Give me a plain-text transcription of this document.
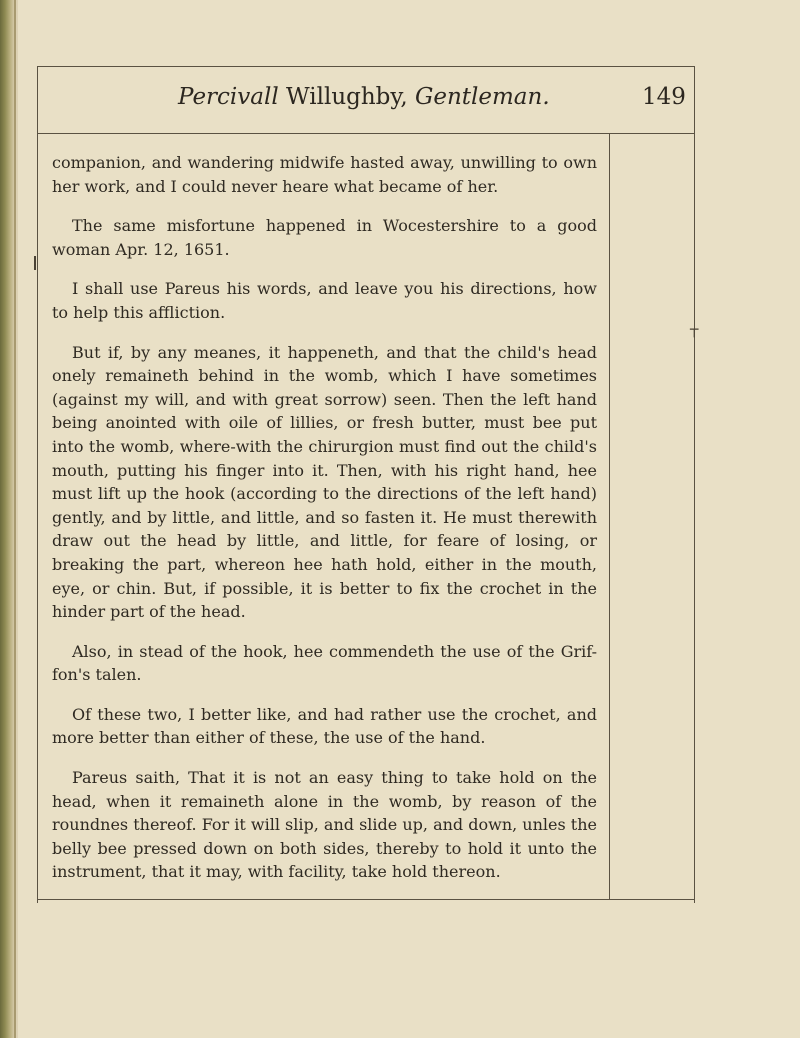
Percivall Willughby, Gentleman.	149

companion, and wandering midwife hasted away, unwilling to own her work, and I could never heare what became of her.

The same misfortune happened in Wocestershire to a good woman Apr. 12, 1651.

I shall use Pareus his words, and leave you his directions, how to help this affliction.

But if, by any meanes, it happeneth, and that the child's head onely remaineth behind in the womb, which I have sometimes (against my will, and with great sorrow) seen. Then the left hand being anointed with oile of lillies, or fresh butter, must bee put into the womb, where-with the chirurgion must find out the child's mouth, putting his finger into it. Then, with his right hand, hee must lift up the hook (according to the directions of the left hand) gently, and by little, and little, and so fasten it. He must therewith draw out the head by little, and little, for feare of losing, or breaking the part, whereon hee hath hold, either in the mouth, eye, or chin. But, if possible, it is better to fix the crochet in the hinder part of the head.

Also, in stead of the hook, hee commendeth the use of the Grif-fon's talen.

Of these two, I better like, and had rather use the crochet, and more better than either of these, the use of the hand.

Pareus saith, That it is not an easy thing to take hold on the head, when it remaineth alone in the womb, by reason of the roundnes thereof. For it will slip, and slide up, and down, unles the belly bee pressed down on both sides, thereby to hold it unto the instrument, that it may, with facility, take hold thereon.

┬
